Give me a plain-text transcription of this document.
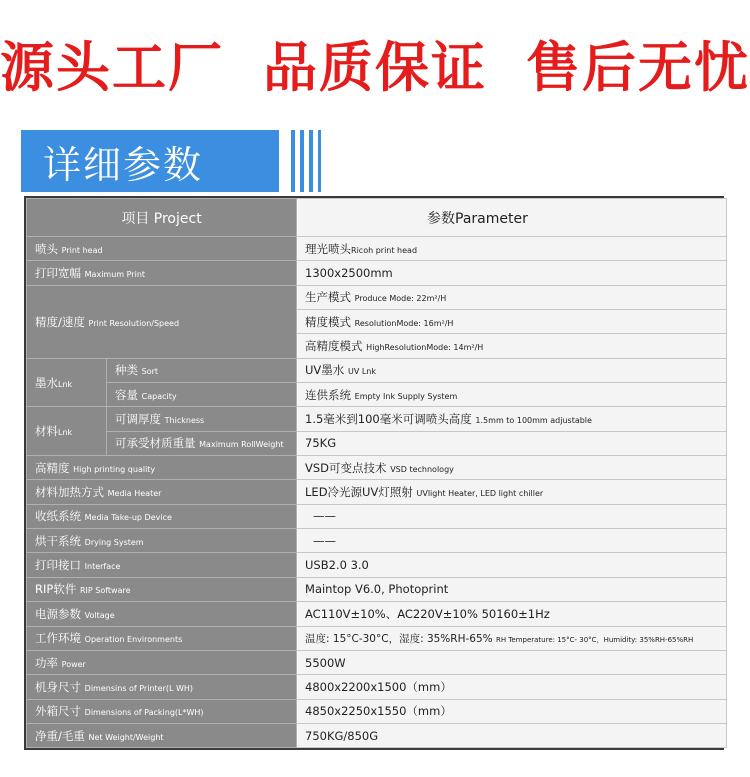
源头工厂 品质保证 售后无忧
详细参数
项目 Project		参数Parameter
喷头 Print head		理光喷头Ricoh print head
打印宽幅 Maximum Print		1300x2500mm
精度/速度 Print Resolution/Speed		生产模式 Produce Mode: 22m²/H
		精度模式 ResolutionMode: 16m²/H
		高精度模式 HighResolutionMode: 14m²/H
墨水Lnk	种类 Sort	UV墨水 UV Lnk
	容量 Capacity	连供系统 Empty Ink Supply System
材料Lnk	可调厚度 Thickness	1.5毫米到100毫米可调喷头高度 1.5mm to 100mm adjustable
	可承受材质重量 Maximum RollWeight	75KG
高精度 High printing quality		VSD可变点技术 VSD technology
材料加热方式 Media Heater		LED冷光源UV灯照射 UVlight Heater, LED light chiller
收纸系统 Media Take-up Device		——
烘干系统 Drying System		——
打印接口 Interface		USB2.0 3.0
RIP软件 RIP Software		Maintop V6.0, Photoprint
电源参数 Voltage		AC110V±10%、AC220V±10% 50160±1Hz
工作环境 Operation Environments		温度: 15°C-30°C，湿度: 35%RH-65% RH Temperature: 15°C- 30°C，Humidity: 35%RH-65%RH
功率 Power		5500W
机身尺寸 Dimensins of Printer(L WH)		4800x2200x1500（mm）
外箱尺寸 Dimensions of Packing(L*WH)		4850x2250x1550（mm）
净重/毛重 Net Weight/Weight		750KG/850G
